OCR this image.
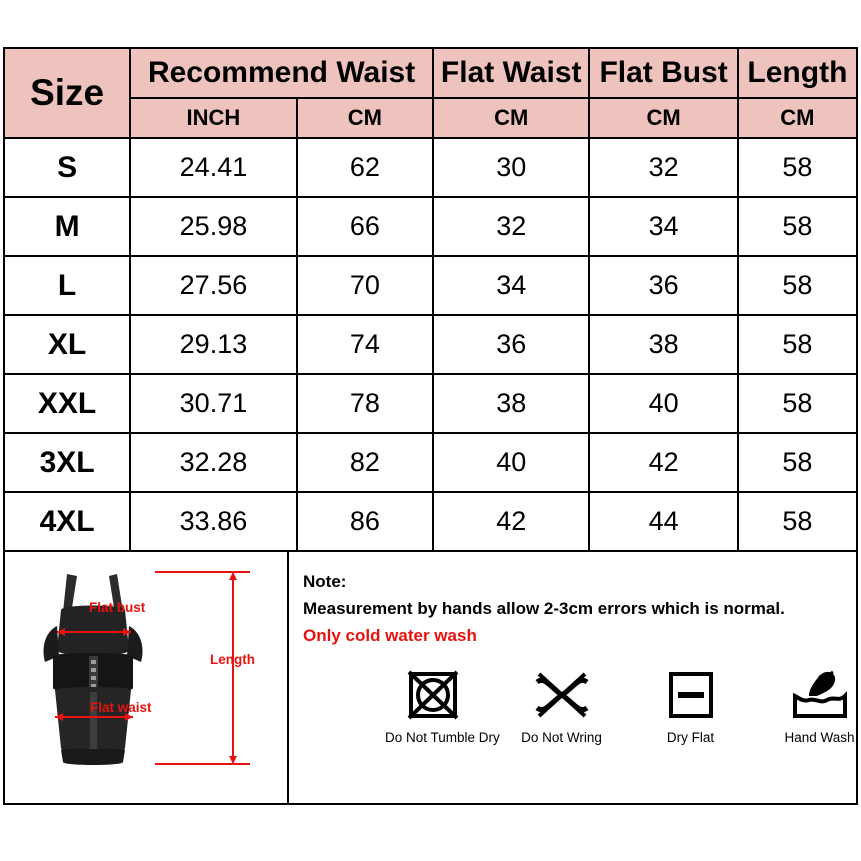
Size	Recommend Waist		Flat Waist	Flat Bust	Length
	INCH	CM	CM	CM	CM
S	24.41	62	30	32	58
M	25.98	66	32	34	58
L	27.56	70	34	36	58
XL	29.13	74	36	38	58
XXL	30.71	78	38	40	58
3XL	32.28	82	40	42	58
4XL	33.86	86	42	44	58
Flat bust
Flat waist
Length

Note:

Measurement by hands allow 2-3cm errors which is normal.

Only cold water wash

Do Not Tumble Dry	Do Not Wring	Dry Flat	Hand Wash
